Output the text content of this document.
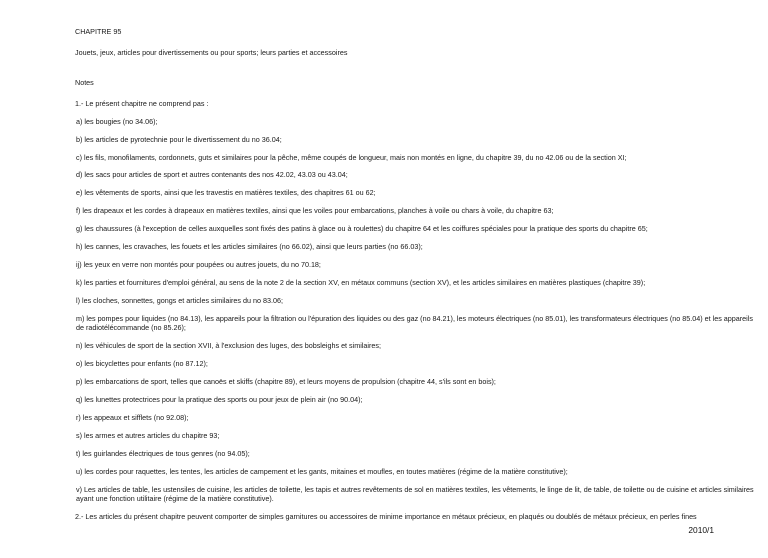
CHAPITRE 95

Jouets, jeux, articles pour divertissements ou pour sports; leurs parties et accessoires

Notes

1.- Le présent chapitre ne comprend pas :

a) les bougies (no 34.06);

b) les articles de pyrotechnie pour le divertissement du no 36.04;

c) les fils, monofilaments, cordonnets, guts et similaires pour la pêche, même coupés de longueur, mais non montés en ligne, du chapitre 39, du no 42.06 ou de la section XI;

d) les sacs pour articles de sport et autres contenants des nos 42.02, 43.03 ou 43.04;

e) les vêtements de sports, ainsi que les travestis en matières textiles, des chapitres 61 ou 62;

f) les drapeaux et les cordes à drapeaux en matières textiles, ainsi que les voiles pour embarcations, planches à voile ou chars à voile, du chapitre 63;

g) les chaussures (à l'exception de celles auxquelles sont fixés des patins à glace ou à roulettes) du chapitre 64 et les coiffures spéciales pour la pratique des sports du chapitre 65;

h) les cannes, les cravaches, les fouets et les articles similaires (no 66.02), ainsi que leurs parties (no 66.03);

ij) les yeux en verre non montés pour poupées ou autres jouets, du no 70.18;

k) les parties et fournitures d'emploi général, au sens de la note 2 de la section XV, en métaux communs (section XV), et les articles similaires en matières plastiques (chapitre 39);

l) les cloches, sonnettes, gongs et articles similaires du no 83.06;

m) les pompes pour liquides (no 84.13), les appareils pour la filtration ou l'épuration des liquides ou des gaz (no 84.21), les moteurs électriques (no 85.01), les transformateurs électriques (no 85.04) et les appareils de radiotélécommande (no 85.26);

n) les véhicules de sport de la section XVII, à l'exclusion des luges, des bobsleighs et similaires;

o) les bicyclettes pour enfants (no 87.12);

p) les embarcations de sport, telles que canoës et skiffs (chapitre 89), et leurs moyens de propulsion (chapitre 44, s'ils sont en bois);

q) les lunettes protectrices pour la pratique des sports ou pour jeux de plein air (no 90.04);

r) les appeaux et sifflets (no 92.08);

s) les armes et autres articles du chapitre 93;

t) les guirlandes électriques de tous genres (no 94.05);

u) les cordes pour raquettes, les tentes, les articles de campement et les gants, mitaines et moufles, en toutes matières (régime de la matière constitutive);

v) Les articles de table, les ustensiles de cuisine, les articles de toilette, les tapis et autres revêtements de sol en matières textiles, les vêtements, le linge de lit, de table, de toilette ou de cuisine et articles similaires ayant une fonction utilitaire (régime de la matière constitutive).

2.- Les articles du présent chapitre peuvent comporter de simples garnitures ou accessoires de minime importance en métaux précieux, en plaqués ou doublés de métaux précieux, en perles fines

2010/1
